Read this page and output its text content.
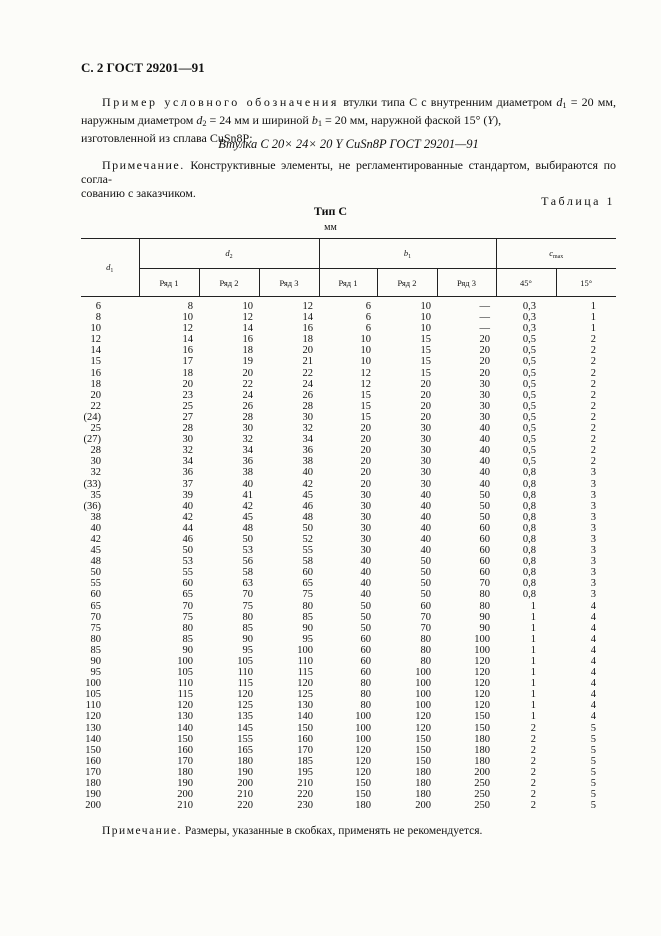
С. 2 ГОСТ 29201—91
Пример условного обозначения втулки типа С с внутренним диаметром $d_1 = 20$ мм, наружным диаметром $d_2 = 24$ мм и шириной $b_1 = 20$ мм, наружной фаской 15° (Y),
изготовленной из сплава CuSn8P:
Втулка С 20× 24× 20 Y CuSn8P ГОСТ 29201—91
Примечание. Конструктивные элементы, не регламентированные стандартом, выбираются по согла-
сованию с заказчиком.
Таблица 1
Тип С
мм
$d_1$	$d_2$			$b_1$			$c_{max}$
	Ряд 1	Ряд 2	Ряд 3	Ряд 1	Ряд 2	Ряд 3	45°	15°
6	8	10	12	6	10	—	0,3	1
8	10	12	14	6	10	—	0,3	1
10	12	14	16	6	10	—	0,3	1
12	14	16	18	10	15	20	0,5	2
14	16	18	20	10	15	20	0,5	2
15	17	19	21	10	15	20	0,5	2
16	18	20	22	12	15	20	0,5	2
18	20	22	24	12	20	30	0,5	2
20	23	24	26	15	20	30	0,5	2
22	25	26	28	15	20	30	0,5	2
(24)	27	28	30	15	20	30	0,5	2
25	28	30	32	20	30	40	0,5	2
(27)	30	32	34	20	30	40	0,5	2
28	32	34	36	20	30	40	0,5	2
30	34	36	38	20	30	40	0,5	2
32	36	38	40	20	30	40	0,8	3
(33)	37	40	42	20	30	40	0,8	3
35	39	41	45	30	40	50	0,8	3
(36)	40	42	46	30	40	50	0,8	3
38	42	45	48	30	40	50	0,8	3
40	44	48	50	30	40	60	0,8	3
42	46	50	52	30	40	60	0,8	3
45	50	53	55	30	40	60	0,8	3
48	53	56	58	40	50	60	0,8	3
50	55	58	60	40	50	60	0,8	3
55	60	63	65	40	50	70	0,8	3
60	65	70	75	40	50	80	0,8	3
65	70	75	80	50	60	80	1	4
70	75	80	85	50	70	90	1	4
75	80	85	90	50	70	90	1	4
80	85	90	95	60	80	100	1	4
85	90	95	100	60	80	100	1	4
90	100	105	110	60	80	120	1	4
95	105	110	115	60	100	120	1	4
100	110	115	120	80	100	120	1	4
105	115	120	125	80	100	120	1	4
110	120	125	130	80	100	120	1	4
120	130	135	140	100	120	150	1	4
130	140	145	150	100	120	150	2	5
140	150	155	160	100	150	180	2	5
150	160	165	170	120	150	180	2	5
160	170	180	185	120	150	180	2	5
170	180	190	195	120	180	200	2	5
180	190	200	210	150	180	250	2	5
190	200	210	220	150	180	250	2	5
200	210	220	230	180	200	250	2	5
Примечание. Размеры, указанные в скобках, применять не рекомендуется.
